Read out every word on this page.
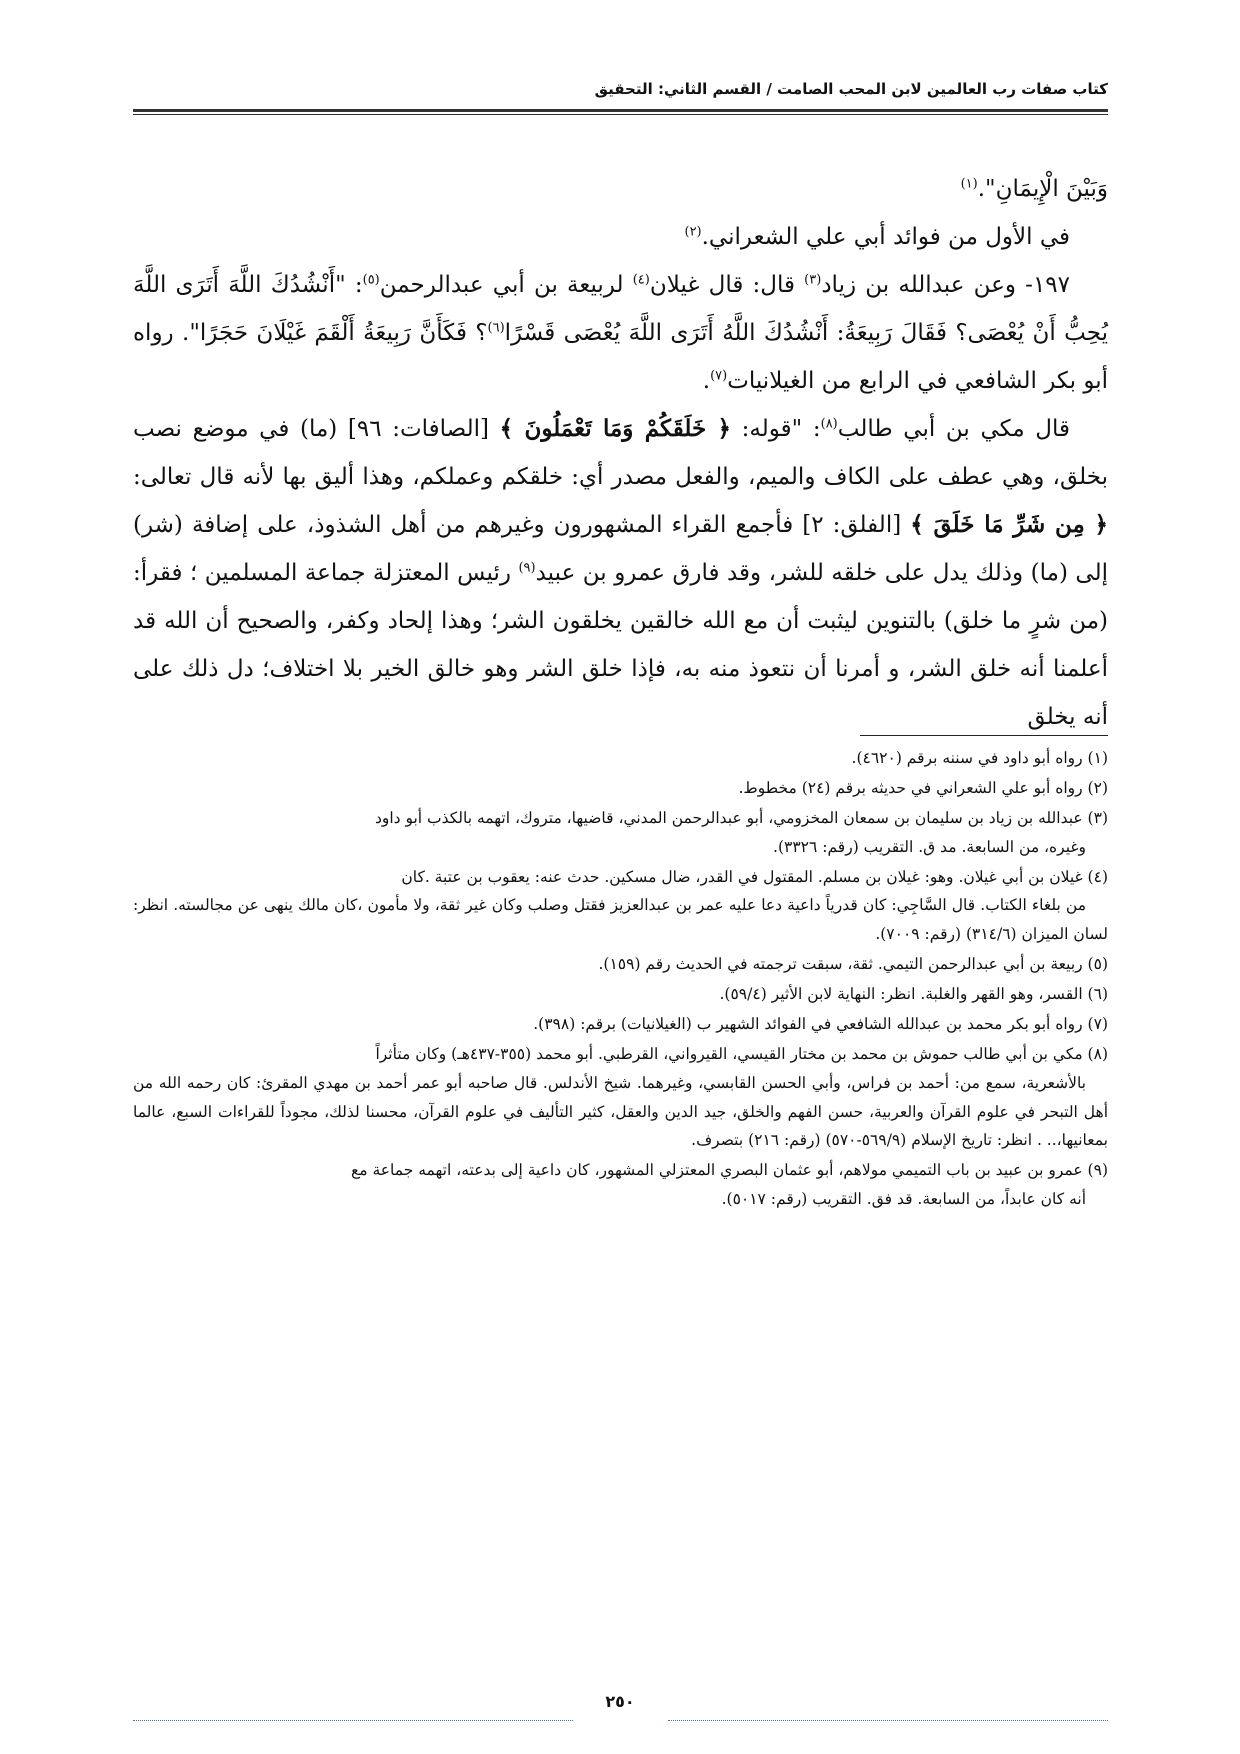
كتاب صفات رب العالمين لابن المحب الصامت / القسم الثاني: التحقيق

وَبَيْنَ الْإِيمَانِ".$^{(١)}$

في الأول من فوائد أبي علي الشعراني.$^{(٢)}$

١٩٧- وعن عبدالله بن زياد$^{(٣)}$ قال: قال غيلان$^{(٤)}$ لربيعة بن أبي عبدالرحمن$^{(٥)}$: "أَنْشُدُكَ اللَّهَ أَتَرَى اللَّهَ يُحِبُّ أَنْ يُعْصَى؟ فَقَالَ رَبِيعَةُ: أَنْشُدُكَ اللَّهُ أَتَرَى اللَّهَ يُعْصَى قَسْرًا$^{(٦)}$؟ فَكَأَنَّ رَبِيعَةُ أَلْقَمَ غَيْلَانَ حَجَرًا". رواه أبو بكر الشافعي في الرابع من الغيلانيات$^{(٧)}$.

قال مكي بن أبي طالب$^{(٨)}$: "قوله: ﴿ خَلَقَكُمْ وَمَا تَعْمَلُونَ ﴾ [الصافات: ٩٦] (ما) في موضع نصب بخلق، وهي عطف على الكاف والميم، والفعل مصدر أي: خلقكم وعملكم، وهذا أليق بها لأنه قال تعالى: ﴿ مِن شَرِّ مَا خَلَقَ ﴾ [الفلق: ٢] فأجمع القراء المشهورون وغيرهم من أهل الشذوذ، على إضافة (شر) إلى (ما) وذلك يدل على خلقه للشر، وقد فارق عمرو بن عبيد$^{(٩)}$ رئيس المعتزلة جماعة المسلمين ؛ فقرأ: (من شرٍ ما خلق) بالتنوين ليثبت أن مع الله خالقين يخلقون الشر؛ وهذا إلحاد وكفر، والصحيح أن الله قد أعلمنا أنه خلق الشر، و أمرنا أن نتعوذ منه به، فإذا خلق الشر وهو خالق الخير بلا اختلاف؛ دل ذلك على أنه يخلق

(١) رواه أبو داود في سننه برقم (٤٦٢٠).

(٢) رواه أبو علي الشعراني في حديثه برقم (٢٤) مخطوط.

(٣) عبدالله بن زياد بن سليمان بن سمعان المخزومي، أبو عبدالرحمن المدني، قاضيها، متروك، اتهمه بالكذب أبو داود
وغيره، من السابعة. مد ق. التقريب (رقم: ٣٣٢٦).

(٤) غيلان بن أبي غيلان. وهو: غيلان بن مسلم. المقتول في القدر، ضال مسكين. حدث عنه: يعقوب بن عتبة .كان
من بلغاء الكتاب. قال السَّاجِي: كان قدرياً داعية دعا عليه عمر بن عبدالعزيز فقتل وصلب وكان غير ثقة، ولا مأمون ،كان مالك ينهى عن مجالسته. انظر: لسان الميزان (٣١٤/٦) (رقم: ٧٠٠٩).

(٥) ربيعة بن أبي عبدالرحمن التيمي. ثقة، سبقت ترجمته في الحديث رقم (١٥٩).

(٦) القسر، وهو القهر والغلبة. انظر: النهاية لابن الأثير (٥٩/٤).

(٧) رواه أبو بكر محمد بن عبدالله الشافعي في الفوائد الشهير ب (الغيلانيات) برقم: (٣٩٨).

(٨) مكي بن أبي طالب حموش بن محمد بن مختار القيسي، القيرواني، القرطبي. أبو محمد (٣٥٥-٤٣٧هـ) وكان متأثراً
بالأشعرية، سمع من: أحمد بن فراس، وأبي الحسن القابسي، وغيرهما. شيخ الأندلس. قال صاحبه أبو عمر أحمد بن مهدي المقرئ: كان رحمه الله من أهل التبحر في علوم القرآن والعربية، حسن الفهم والخلق، جيد الدين والعقل، كثير التأليف في علوم القرآن، محسنا لذلك، مجوداً للقراءات السبع، عالما بمعانيها،.. . انظر: تاريخ الإسلام (٥٦٩/٩-٥٧٠) (رقم: ٢١٦) بتصرف.

(٩) عمرو بن عبيد بن باب التميمي مولاهم، أبو عثمان البصري المعتزلي المشهور، كان داعية إلى بدعته، اتهمه جماعة مع
أنه كان عابداً، من السابعة. قد فق. التقريب (رقم: ٥٠١٧).

٢٥٠
